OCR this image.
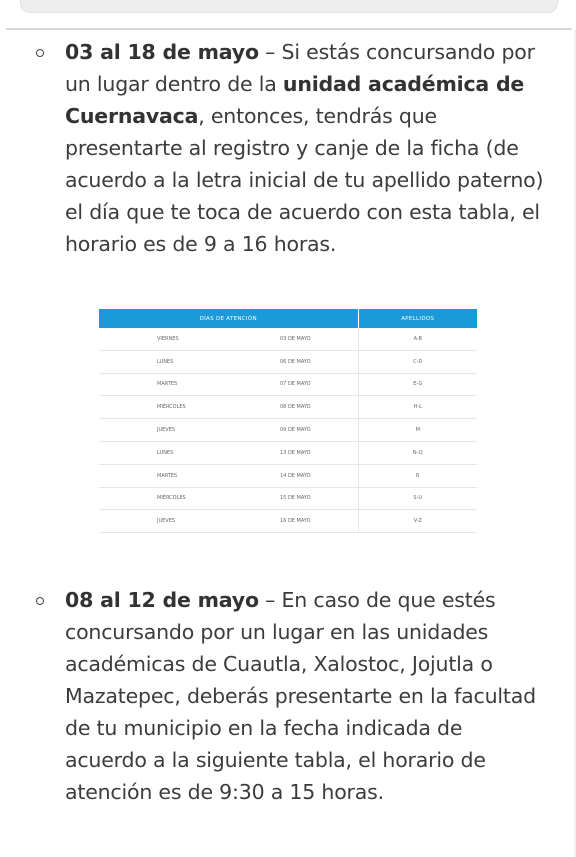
03 al 18 de mayo – Si estás concursando por un lugar dentro de la unidad académica de Cuernavaca, entonces, tendrás que presentarte al registro y canje de la ficha (de acuerdo a la letra inicial de tu apellido paterno) el día que te toca de acuerdo con esta tabla, el horario es de 9 a 16 horas.
DÍAS DE ATENCIÓN	APELLIDOS

VIERNES 03 DE MAYO	A-B

LUNES 06 DE MAYO	C-D

MARTES 07 DE MAYO	E-G

MIÉRCOLES 08 DE MAYO	H-L

JUEVES 09 DE MAYO	M

LUNES 13 DE MAYO	N-Q

MARTES 14 DE MAYO	R

MIÉRCOLES 15 DE MAYO	S-U

JUEVES 16 DE MAYO	V-Z
08 al 12 de mayo – En caso de que estés concursando por un lugar en las unidades académicas de Cuautla, Xalostoc, Jojutla o Mazatepec, deberás presentarte en la facultad de tu municipio en la fecha indicada de acuerdo a la siguiente tabla, el horario de atención es de 9:30 a 15 horas.
